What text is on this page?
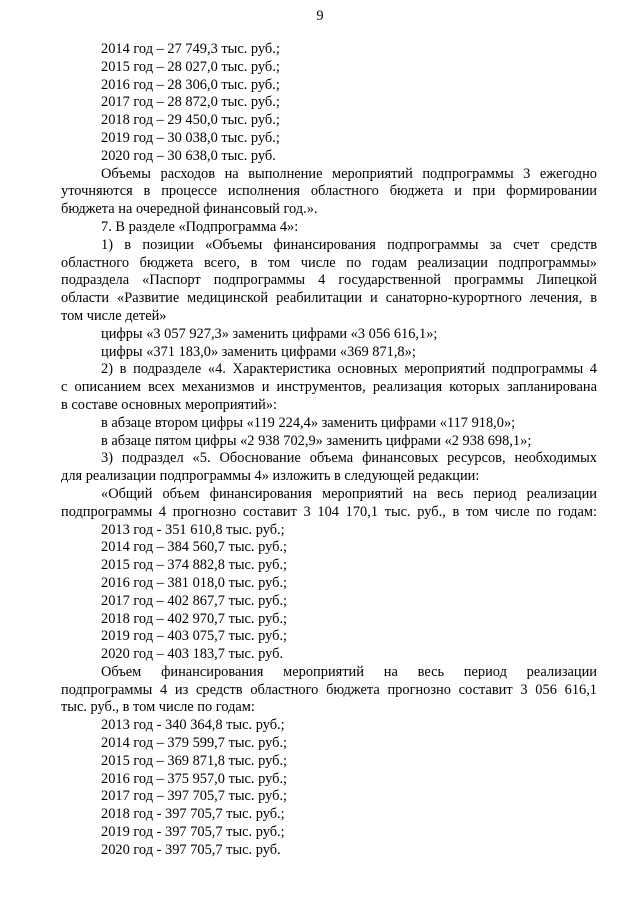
9
2014 год – 27 749,3 тыс. руб.;
2015 год – 28 027,0 тыс. руб.;
2016 год – 28 306,0 тыс. руб.;
2017 год – 28 872,0 тыс. руб.;
2018 год – 29 450,0 тыс. руб.;
2019 год – 30 038,0 тыс. руб.;
2020 год – 30 638,0 тыс. руб.
Объемы расходов на выполнение мероприятий подпрограммы 3 ежегодно
уточняются в процессе исполнения областного бюджета и при формировании
бюджета на очередной финансовый год.».
7. В разделе «Подпрограмма 4»:
1) в позиции «Объемы финансирования подпрограммы за счет средств
областного бюджета всего, в том числе по годам реализации подпрограммы»
подраздела «Паспорт подпрограммы 4 государственной программы Липецкой
области «Развитие медицинской реабилитации и санаторно-курортного лечения, в
том числе детей»
цифры «3 057 927,3» заменить цифрами «3 056 616,1»;
цифры «371 183,0» заменить цифрами «369 871,8»;
2) в подразделе «4. Характеристика основных мероприятий подпрограммы 4
с описанием всех механизмов и инструментов, реализация которых запланирована
в составе основных мероприятий»:
в абзаце втором цифры «119 224,4» заменить цифрами «117 918,0»;
в абзаце пятом цифры «2 938 702,9» заменить цифрами «2 938 698,1»;
3) подраздел «5. Обоснование объема финансовых ресурсов, необходимых
для реализации подпрограммы 4» изложить в следующей редакции:
«Общий объем финансирования мероприятий на весь период реализации
подпрограммы 4 прогнозно составит 3 104 170,1 тыс. руб., в том числе по годам:
2013 год - 351 610,8 тыс. руб.;
2014 год – 384 560,7 тыс. руб.;
2015 год – 374 882,8 тыс. руб.;
2016 год – 381 018,0 тыс. руб.;
2017 год – 402 867,7 тыс. руб.;
2018 год – 402 970,7 тыс. руб.;
2019 год – 403 075,7 тыс. руб.;
2020 год – 403 183,7 тыс. руб.
Объем финансирования мероприятий на весь период реализации
подпрограммы 4 из средств областного бюджета прогнозно составит 3 056 616,1
тыс. руб., в том числе по годам:
2013 год - 340 364,8 тыс. руб.;
2014 год – 379 599,7 тыс. руб.;
2015 год – 369 871,8 тыс. руб.;
2016 год – 375 957,0 тыс. руб.;
2017 год – 397 705,7 тыс. руб.;
2018 год - 397 705,7 тыс. руб.;
2019 год - 397 705,7 тыс. руб.;
2020 год - 397 705,7 тыс. руб.
